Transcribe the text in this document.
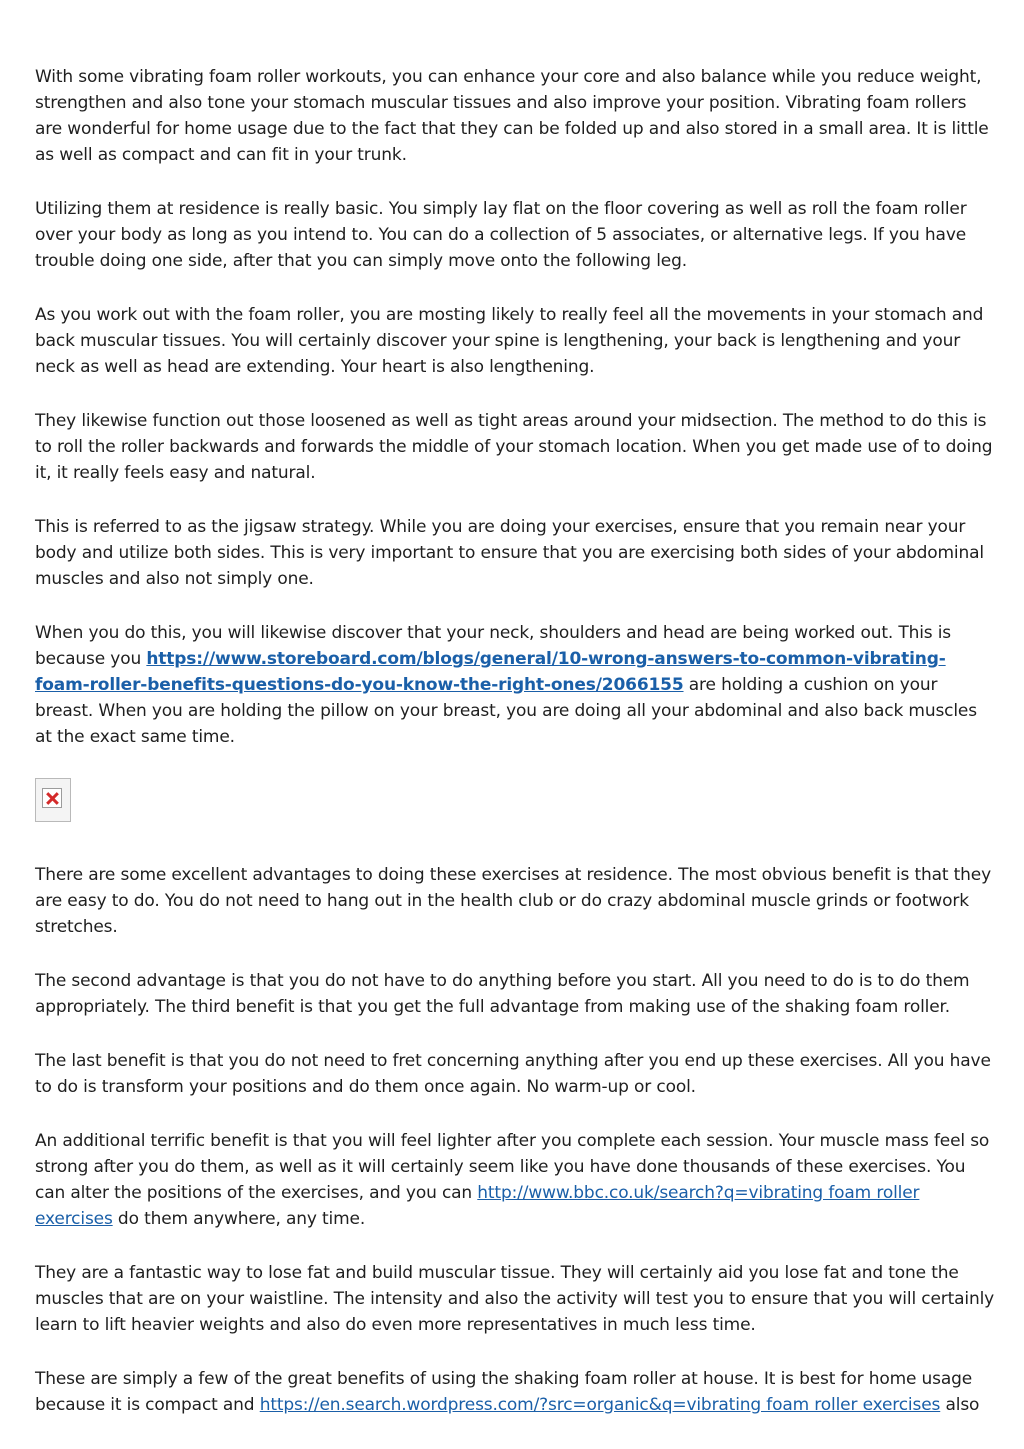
With some vibrating foam roller workouts, you can enhance your core and also balance while you reduce weight, strengthen and also tone your stomach muscular tissues and also improve your position. Vibrating foam rollers are wonderful for home usage due to the fact that they can be folded up and also stored in a small area. It is little as well as compact and can fit in your trunk.

Utilizing them at residence is really basic. You simply lay flat on the floor covering as well as roll the foam roller over your body as long as you intend to. You can do a collection of 5 associates, or alternative legs. If you have trouble doing one side, after that you can simply move onto the following leg.

As you work out with the foam roller, you are mosting likely to really feel all the movements in your stomach and back muscular tissues. You will certainly discover your spine is lengthening, your back is lengthening and your neck as well as head are extending. Your heart is also lengthening.

They likewise function out those loosened as well as tight areas around your midsection. The method to do this is to roll the roller backwards and forwards the middle of your stomach location. When you get made use of to doing it, it really feels easy and natural.

This is referred to as the jigsaw strategy. While you are doing your exercises, ensure that you remain near your body and utilize both sides. This is very important to ensure that you are exercising both sides of your abdominal muscles and also not simply one.

When you do this, you will likewise discover that your neck, shoulders and head are being worked out. This is because you https://www.storeboard.com/blogs/general/10-wrong-answers-to-common-vibrating-foam-roller-benefits-questions-do-you-know-the-right-ones/2066155 are holding a cushion on your breast. When you are holding the pillow on your breast, you are doing all your abdominal and also back muscles at the exact same time.

There are some excellent advantages to doing these exercises at residence. The most obvious benefit is that they are easy to do. You do not need to hang out in the health club or do crazy abdominal muscle grinds or footwork stretches.

The second advantage is that you do not have to do anything before you start. All you need to do is to do them appropriately. The third benefit is that you get the full advantage from making use of the shaking foam roller.

The last benefit is that you do not need to fret concerning anything after you end up these exercises. All you have to do is transform your positions and do them once again. No warm-up or cool.

An additional terrific benefit is that you will feel lighter after you complete each session. Your muscle mass feel so strong after you do them, as well as it will certainly seem like you have done thousands of these exercises. You can alter the positions of the exercises, and you can http://www.bbc.co.uk/search?q=vibrating foam roller exercises do them anywhere, any time.

They are a fantastic way to lose fat and build muscular tissue. They will certainly aid you lose fat and tone the muscles that are on your waistline. The intensity and also the activity will test you to ensure that you will certainly learn to lift heavier weights and also do even more representatives in much less time.

These are simply a few of the great benefits of using the shaking foam roller at house. It is best for home usage because it is compact and https://en.search.wordpress.com/?src=organic&q=vibrating foam roller exercises also
